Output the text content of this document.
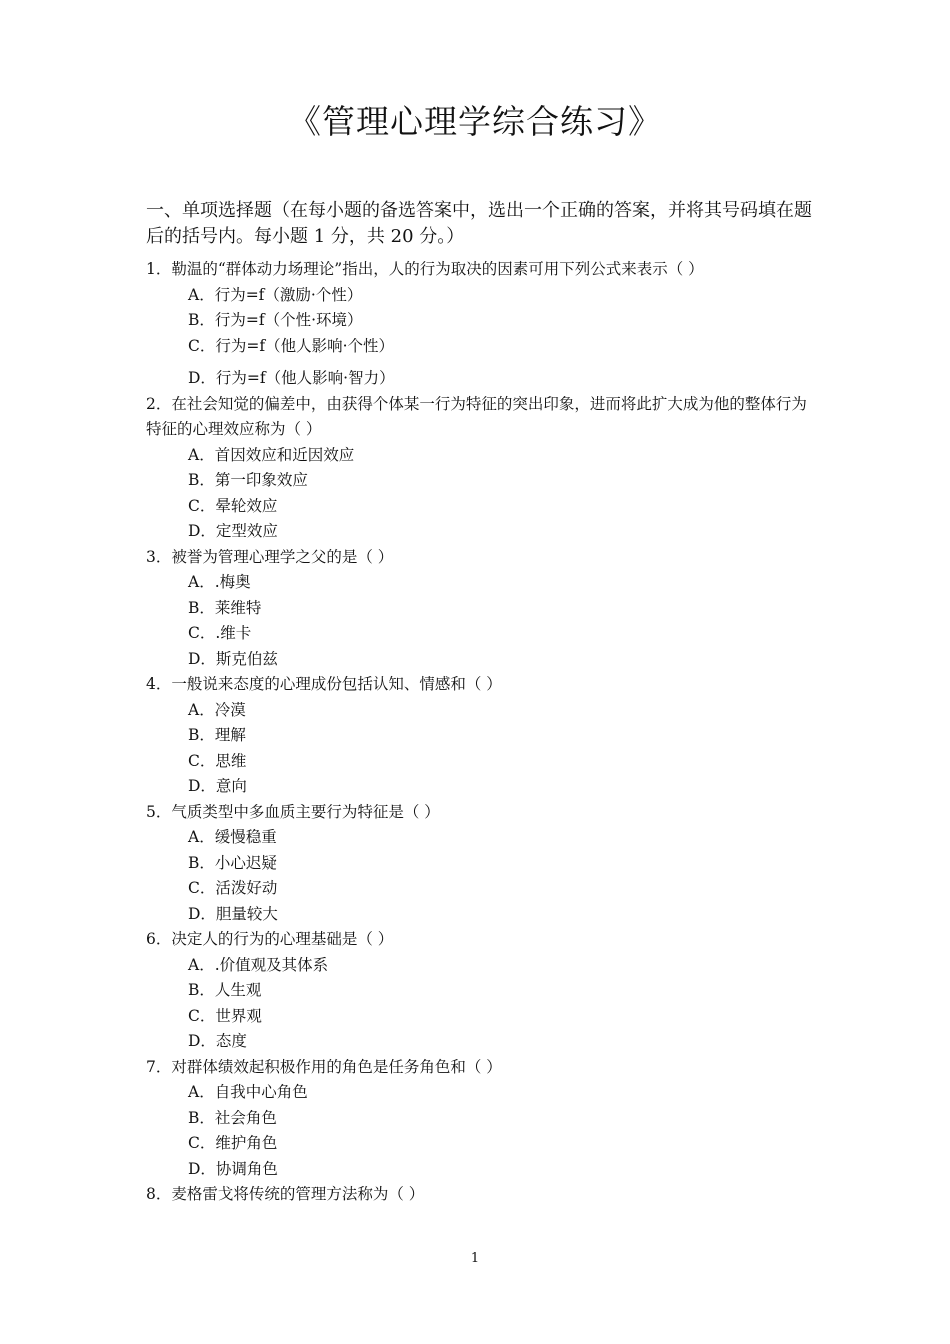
《管理心理学综合练习》
一、单项选择题（在每小题的备选答案中，选出一个正确的答案，并将其号码填在题后的括号内。每小题 1 分，共 20 分。）
1．勒温的“群体动力场理论”指出，人的行为取决的因素可用下列公式来表示（ ）
A．行为=f（激励·个性）
B．行为=f（个性·环境）
C．行为=f（他人影响·个性）
D．行为=f（他人影响·智力）
2．在社会知觉的偏差中，由获得个体某一行为特征的突出印象，进而将此扩大成为他的整体行为特征的心理效应称为（ ）
A．首因效应和近因效应
B．第一印象效应
C．晕轮效应
D．定型效应
3．被誉为管理心理学之父的是（ ）
A．.梅奥
B．莱维特
C．.维卡
D．斯克伯兹
4．一般说来态度的心理成份包括认知、情感和（ ）
A．冷漠
B．理解
C．思维
D．意向
5．气质类型中多血质主要行为特征是（ ）
A．缓慢稳重
B．小心迟疑
C．活泼好动
D．胆量较大
6．决定人的行为的心理基础是（ ）
A．.价值观及其体系
B．人生观
C．世界观
D．态度
7．对群体绩效起积极作用的角色是任务角色和（ ）
A．自我中心角色
B．社会角色
C．维护角色
D．协调角色
8．麦格雷戈将传统的管理方法称为（ ）
1
